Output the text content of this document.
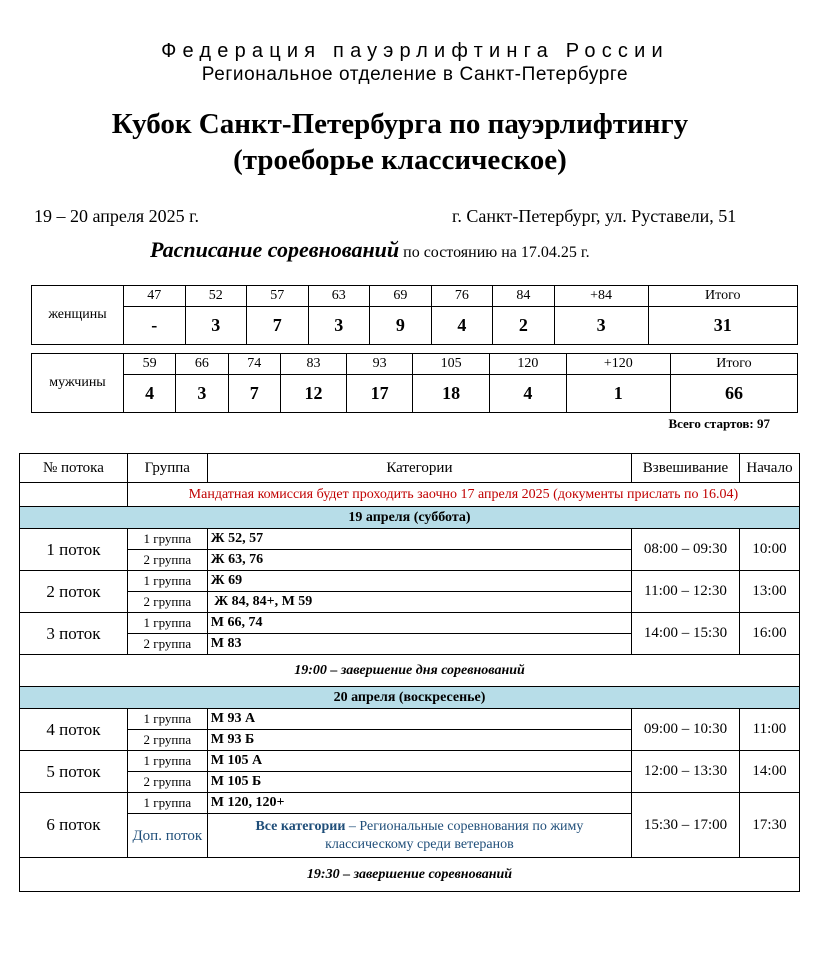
Федерация пауэрлифтинга России
Региональное отделение в Санкт-Петербурге
Кубок Санкт-Петербурга по пауэрлифтингу
(троеборье классическое)
19 – 20 апреля 2025 г.	г. Санкт-Петербург, ул. Руставели, 51
Расписание соревнований по состоянию на 17.04.25 г.
женщины	47	52	57	63	69	76	84	+84	Итого
	-	3	7	3	9	4	2	3	31
мужчины	59	66	74	83	93	105	120	+120	Итого
	4	3	7	12	17	18	4	1	66
Всего стартов: 97
№ потока	Группа	Категории	Взвешивание	Начало
	Мандатная комиссия будет проходить заочно 17 апреля 2025 (документы прислать по 16.04)			
19 апреля (суббота)				
1 поток	1 группа	Ж 52, 57	08:00 – 09:30	10:00
	2 группа	Ж 63, 76		
2 поток	1 группа	Ж 69	11:00 – 12:30	13:00
	2 группа	Ж 84, 84+, М 59		
3 поток	1 группа	М 66, 74	14:00 – 15:30	16:00
	2 группа	М 83		
19:00 – завершение дня соревнований				
20 апреля (воскресенье)				
4 поток	1 группа	М 93 А	09:00 – 10:30	11:00
	2 группа	М 93 Б		
5 поток	1 группа	М 105 А	12:00 – 13:30	14:00
	2 группа	М 105 Б		
6 поток	1 группа	М 120, 120+	15:30 – 17:00	17:30
	Доп. поток	Все категории – Региональные соревнования по жиму классическому среди ветеранов		
19:30 – завершение соревнований				
